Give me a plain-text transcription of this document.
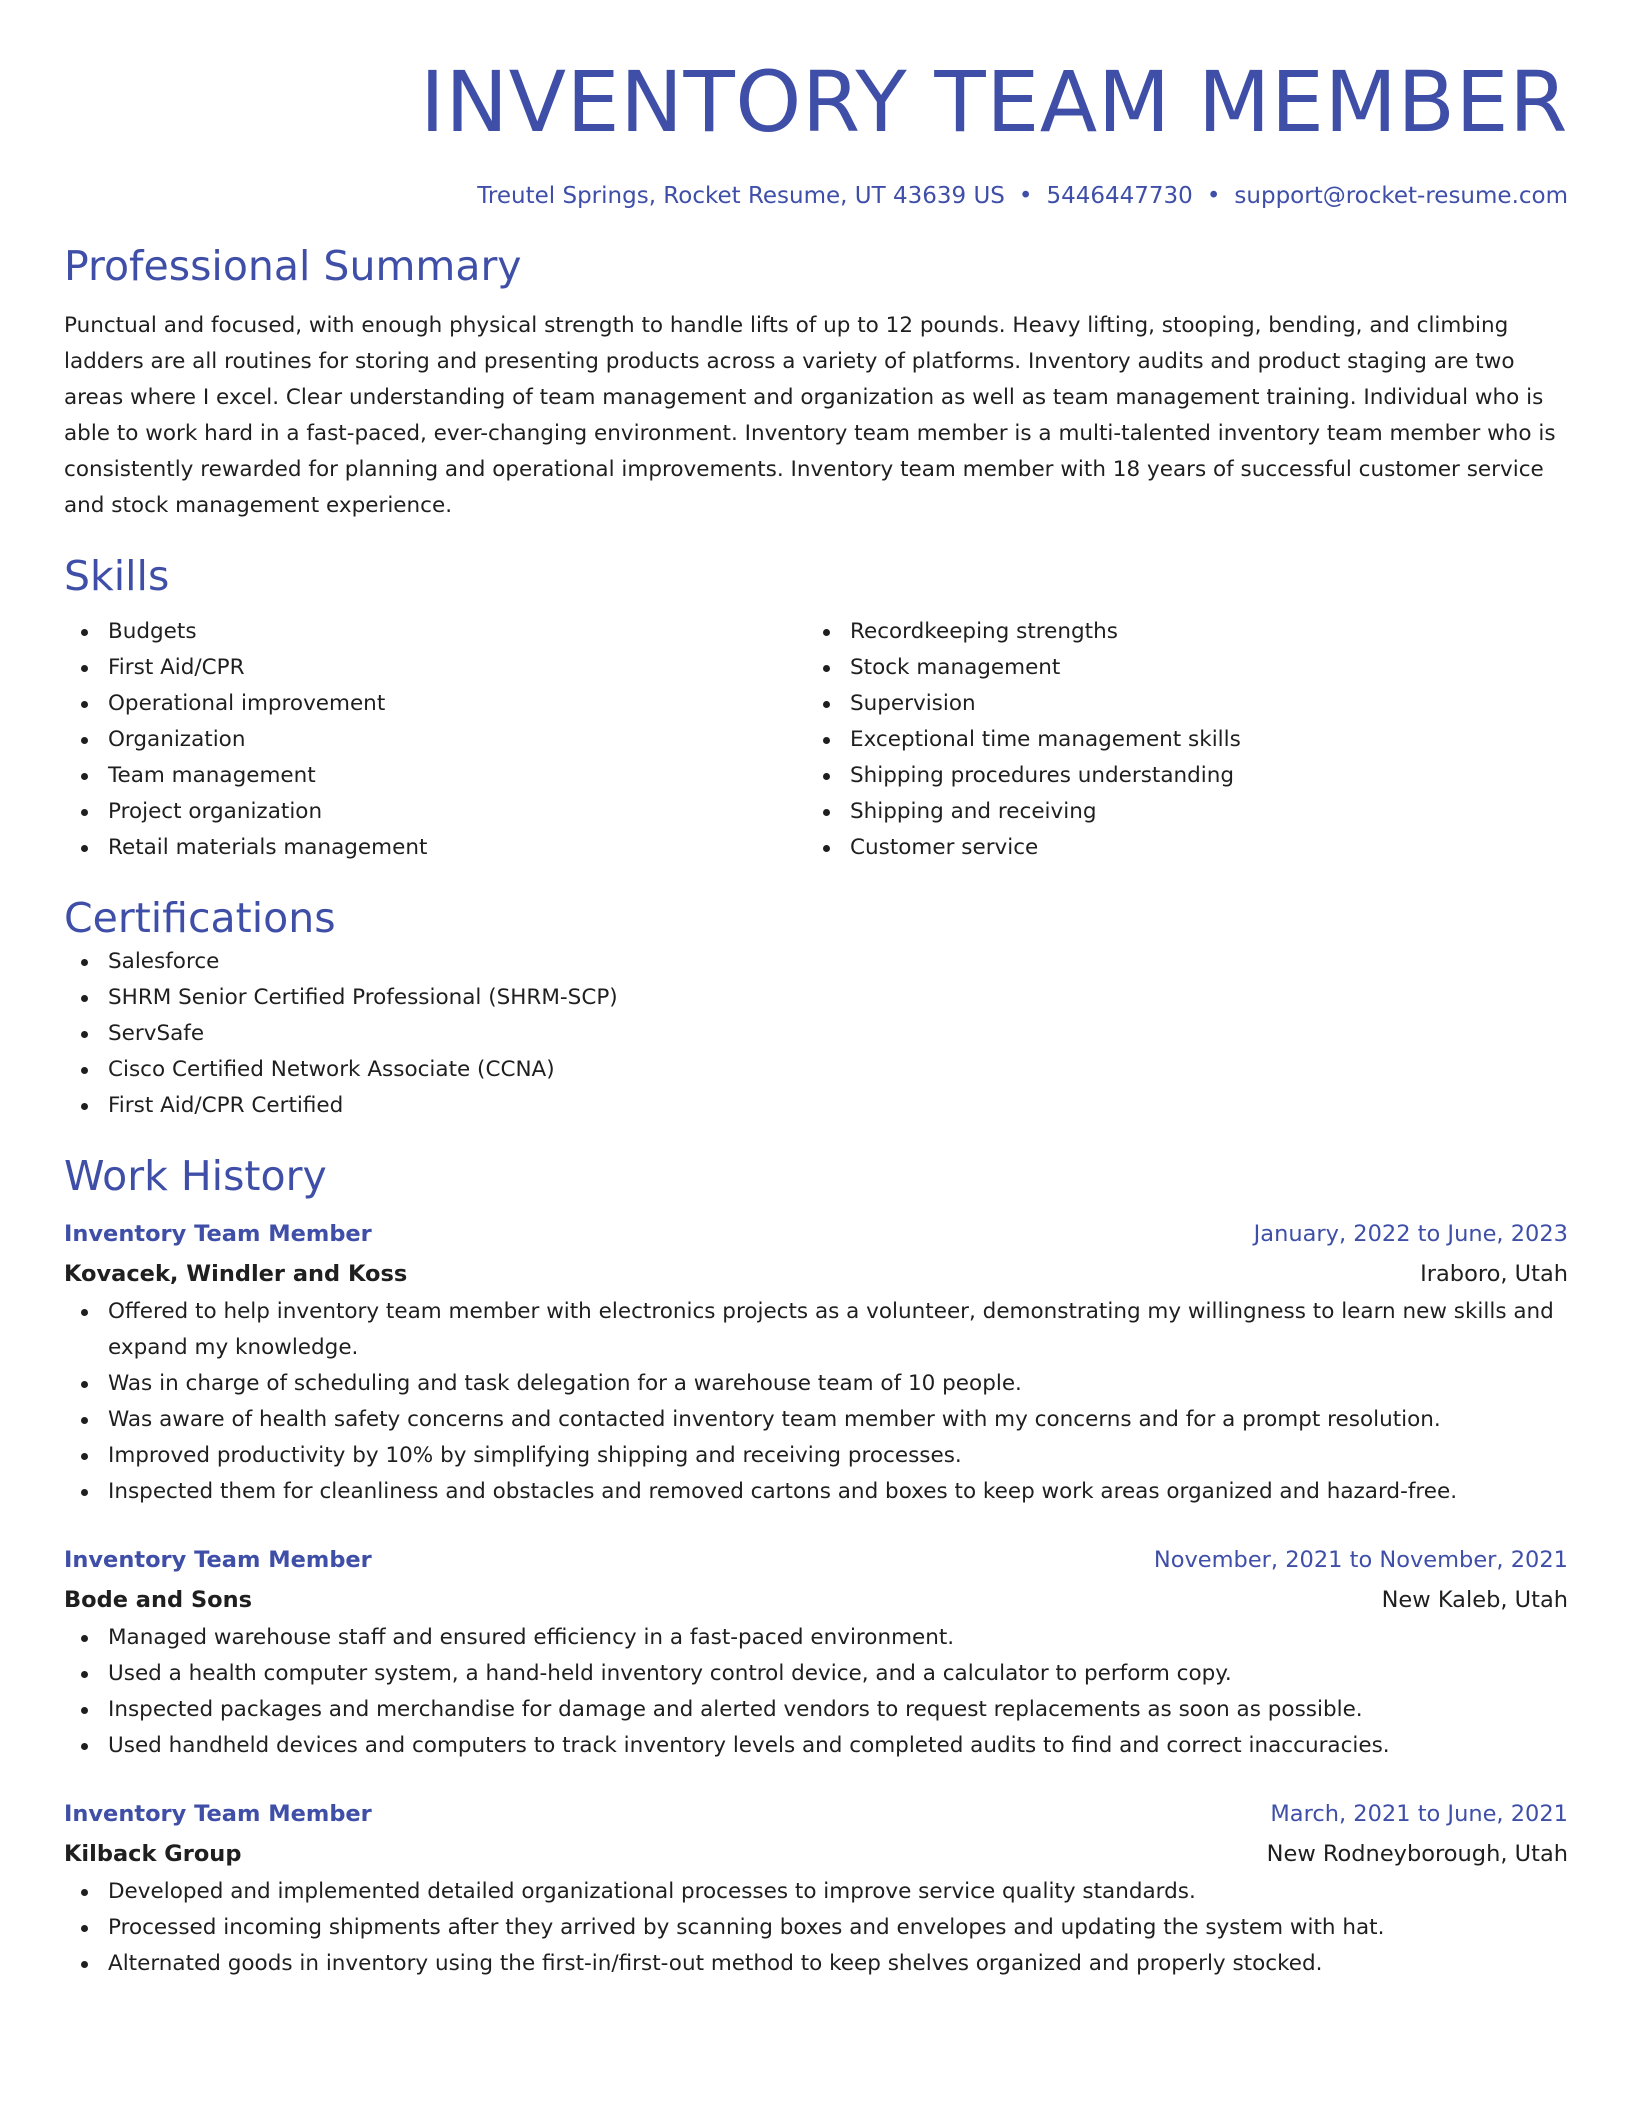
INVENTORY TEAM MEMBER
Treutel Springs, Rocket Resume, UT 43639 US • 5446447730 • support@rocket-resume.com
Professional Summary

Punctual and focused, with enough physical strength to handle lifts of up to 12 pounds. Heavy lifting, stooping, bending, and climbing ladders are all routines for storing and presenting products across a variety of platforms. Inventory audits and product staging are two areas where I excel. Clear understanding of team management and organization as well as team management training. Individual who is able to work hard in a fast-paced, ever-changing environment. Inventory team member is a multi-talented inventory team member who is consistently rewarded for planning and operational improvements. Inventory team member with 18 years of successful customer service and stock management experience.

Skills
Budgets
First Aid/CPR
Operational improvement
Organization
Team management
Project organization
Retail materials management
Recordkeeping strengths
Stock management
Supervision
Exceptional time management skills
Shipping procedures understanding
Shipping and receiving
Customer service
Certifications
Salesforce
SHRM Senior Certified Professional (SHRM-SCP)
ServSafe
Cisco Certified Network Associate (CCNA)
First Aid/CPR Certified
Work History
Inventory Team Member	January, 2022 to June, 2023
Kovacek, Windler and Koss	Iraboro, Utah
Offered to help inventory team member with electronics projects as a volunteer, demonstrating my willingness to learn new skills and expand my knowledge.
Was in charge of scheduling and task delegation for a warehouse team of 10 people.
Was aware of health safety concerns and contacted inventory team member with my concerns and for a prompt resolution.
Improved productivity by 10% by simplifying shipping and receiving processes.
Inspected them for cleanliness and obstacles and removed cartons and boxes to keep work areas organized and hazard-free.
Inventory Team Member	November, 2021 to November, 2021
Bode and Sons	New Kaleb, Utah
Managed warehouse staff and ensured efficiency in a fast-paced environment.
Used a health computer system, a hand-held inventory control device, and a calculator to perform copy.
Inspected packages and merchandise for damage and alerted vendors to request replacements as soon as possible.
Used handheld devices and computers to track inventory levels and completed audits to find and correct inaccuracies.
Inventory Team Member	March, 2021 to June, 2021
Kilback Group	New Rodneyborough, Utah
Developed and implemented detailed organizational processes to improve service quality standards.
Processed incoming shipments after they arrived by scanning boxes and envelopes and updating the system with hat.
Alternated goods in inventory using the first-in/first-out method to keep shelves organized and properly stocked.
